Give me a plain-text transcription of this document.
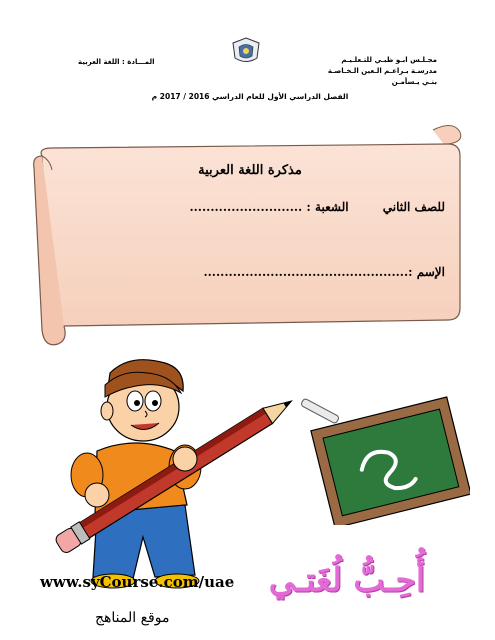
مجـلـس ابـو ظبـي للتـعلـيـم
مدرسـة بـراعـم الـعين الـخـاصـة
بنـي يـسأمـن
المـــادة : اللغة العربية
الفصل الدراسي الأول للعام الدراسي 2016 / 2017 م
مذكرة اللغة العربية
للصف الثاني الشعبة : ...........................
الإسم :.................................................
أُحِـبُّ لُغَتـي
www.syCourse.com/uae
موقع المناهج
